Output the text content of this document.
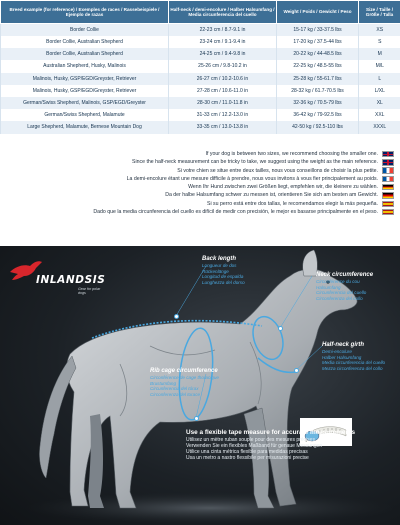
Breed example (for reference) / Exemples de races / Rassebeispiele / Ejemplo de razas	Half-neck / demi-encolure / Halber Halsumfang / Media circunferencia del cuello	Weight / Poids / Gewicht / Peso	Size / Taille / Größe / Talla
Border Collie	22-23 cm / 8.7-9.1 in	15-17 kg / 33-37.5 lbs	XS
Border Collie, Australian Shepherd	23-24 cm / 9.1-9.4 in	17-20 kg / 37.5-44 lbs	S
Border Collie, Australian Shepherd	24-25 cm / 9.4-9.8 in	20-22 kg / 44-48.5 lbs	M
Australian Shepherd, Husky, Malinois	25-26 cm / 9.8-10.2 in	22-25 kg / 48.5-55 lbs	M/L
Malinois, Husky, GSP/EGD/Greyster, Retriever	26-27 cm / 10.2-10.6 in	25-28 kg / 55-61.7 lbs	L
Malinois, Husky, GSP/EGD/Greyster, Retriever	27-28 cm / 10.6-11.0 in	28-32 kg / 61.7-70.5 lbs	L/XL
German/Swiss Shepherd, Malinois, GSP/EGD/Greyster	28-30 cm / 11.0-11.8 in	32-36 kg / 70.5-79 lbs	XL
German/Swiss Shepherd, Malamute	31-33 cm / 12.2-13.0 in	36-42 kg / 79-92.5 lbs	XXL
Large Shepherd, Malamute, Bernese Mountain Dog	33-35 cm / 13.0-13.8 in	42-50 kg / 92.5-110 lbs	XXXL
If your dog is between two sizes, we recommend choosing the smaller one.
Since the half-neck measurement can be tricky to take, we suggest using the weight as the main reference.
Si votre chien se situe entre deux tailles, nous vous conseillons de choisir la plus petite.
La demi-encolure étant une mesure difficile à prendre, nous vous invitons à vous fier principalement au poids.
Wenn Ihr Hund zwischen zwei Größen liegt, empfehlen wir, die kleinere zu wählen.
Da der halbe Halsumfang schwer zu messen ist, orientieren Sie sich am besten am Gewicht.
Si su perro está entre dos tallas, le recomendamos elegir la más pequeña.
Dado que la media circunferencia del cuello es difícil de medir con precisión, le mejor es basarse principalmente en el peso.
INLANDSIS
Gear for polar dogs
Back length
Longueur de dos
Rückenlänge
Longitud de espalda
Lunghezza del dorso
Neck circumference
Circonférence du cou
Halsumfang
Circunferencia del cuello
Circonferenza del collo
Half-neck girth
Demi-encolure
Halber Halsumfang
Media circunferencia del cuello
Mezza circonferenza del collo
Rib cage circumference
Circonférence de cage thoracique
Brustumfang
Circunferencia del tórax
Circonferenza del torace
Use a flexible tape measure for accurate measurements
Utilisez un mètre ruban souple pour des mesures précises
Verwenden Sie ein flexibles Maßband für genaue Messungen
Utilice una cinta métrica flexible para medidas precisas
Usa un metro a nastro flessibile per misurazioni precise
